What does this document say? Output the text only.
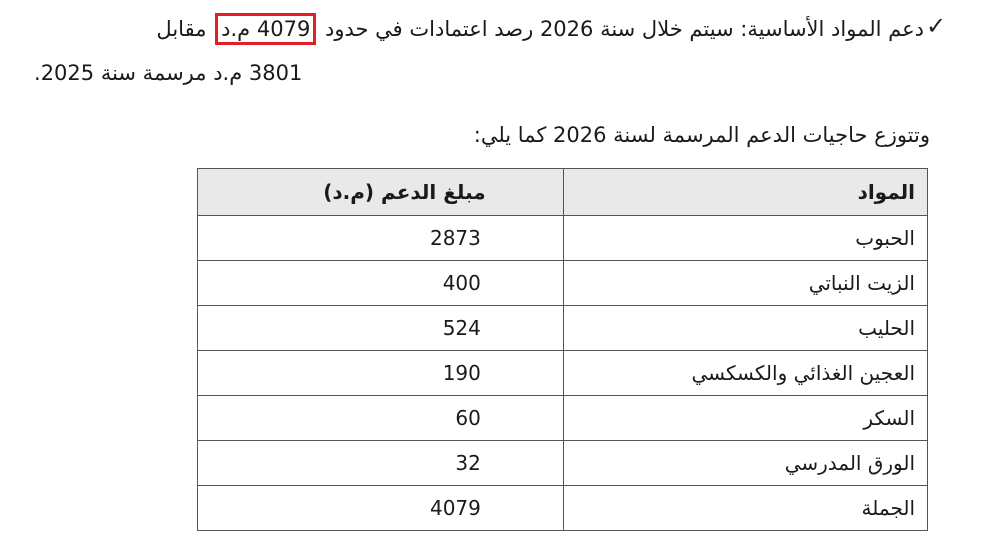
✓
دعم المواد الأساسية: سيتم خلال سنة 2026 رصد اعتمادات في حدود 4079 م.د مقابل
3801 م.د مرسمة سنة 2025.
وتتوزع حاجيات الدعم المرسمة لسنة 2026 كما يلي:
المواد	مبلغ الدعم (م.د)
الحبوب	2873
الزيت النباتي	400
الحليب	524
العجين الغذائي والكسكسي	190
السكر	60
الورق المدرسي	32
الجملة	4079
